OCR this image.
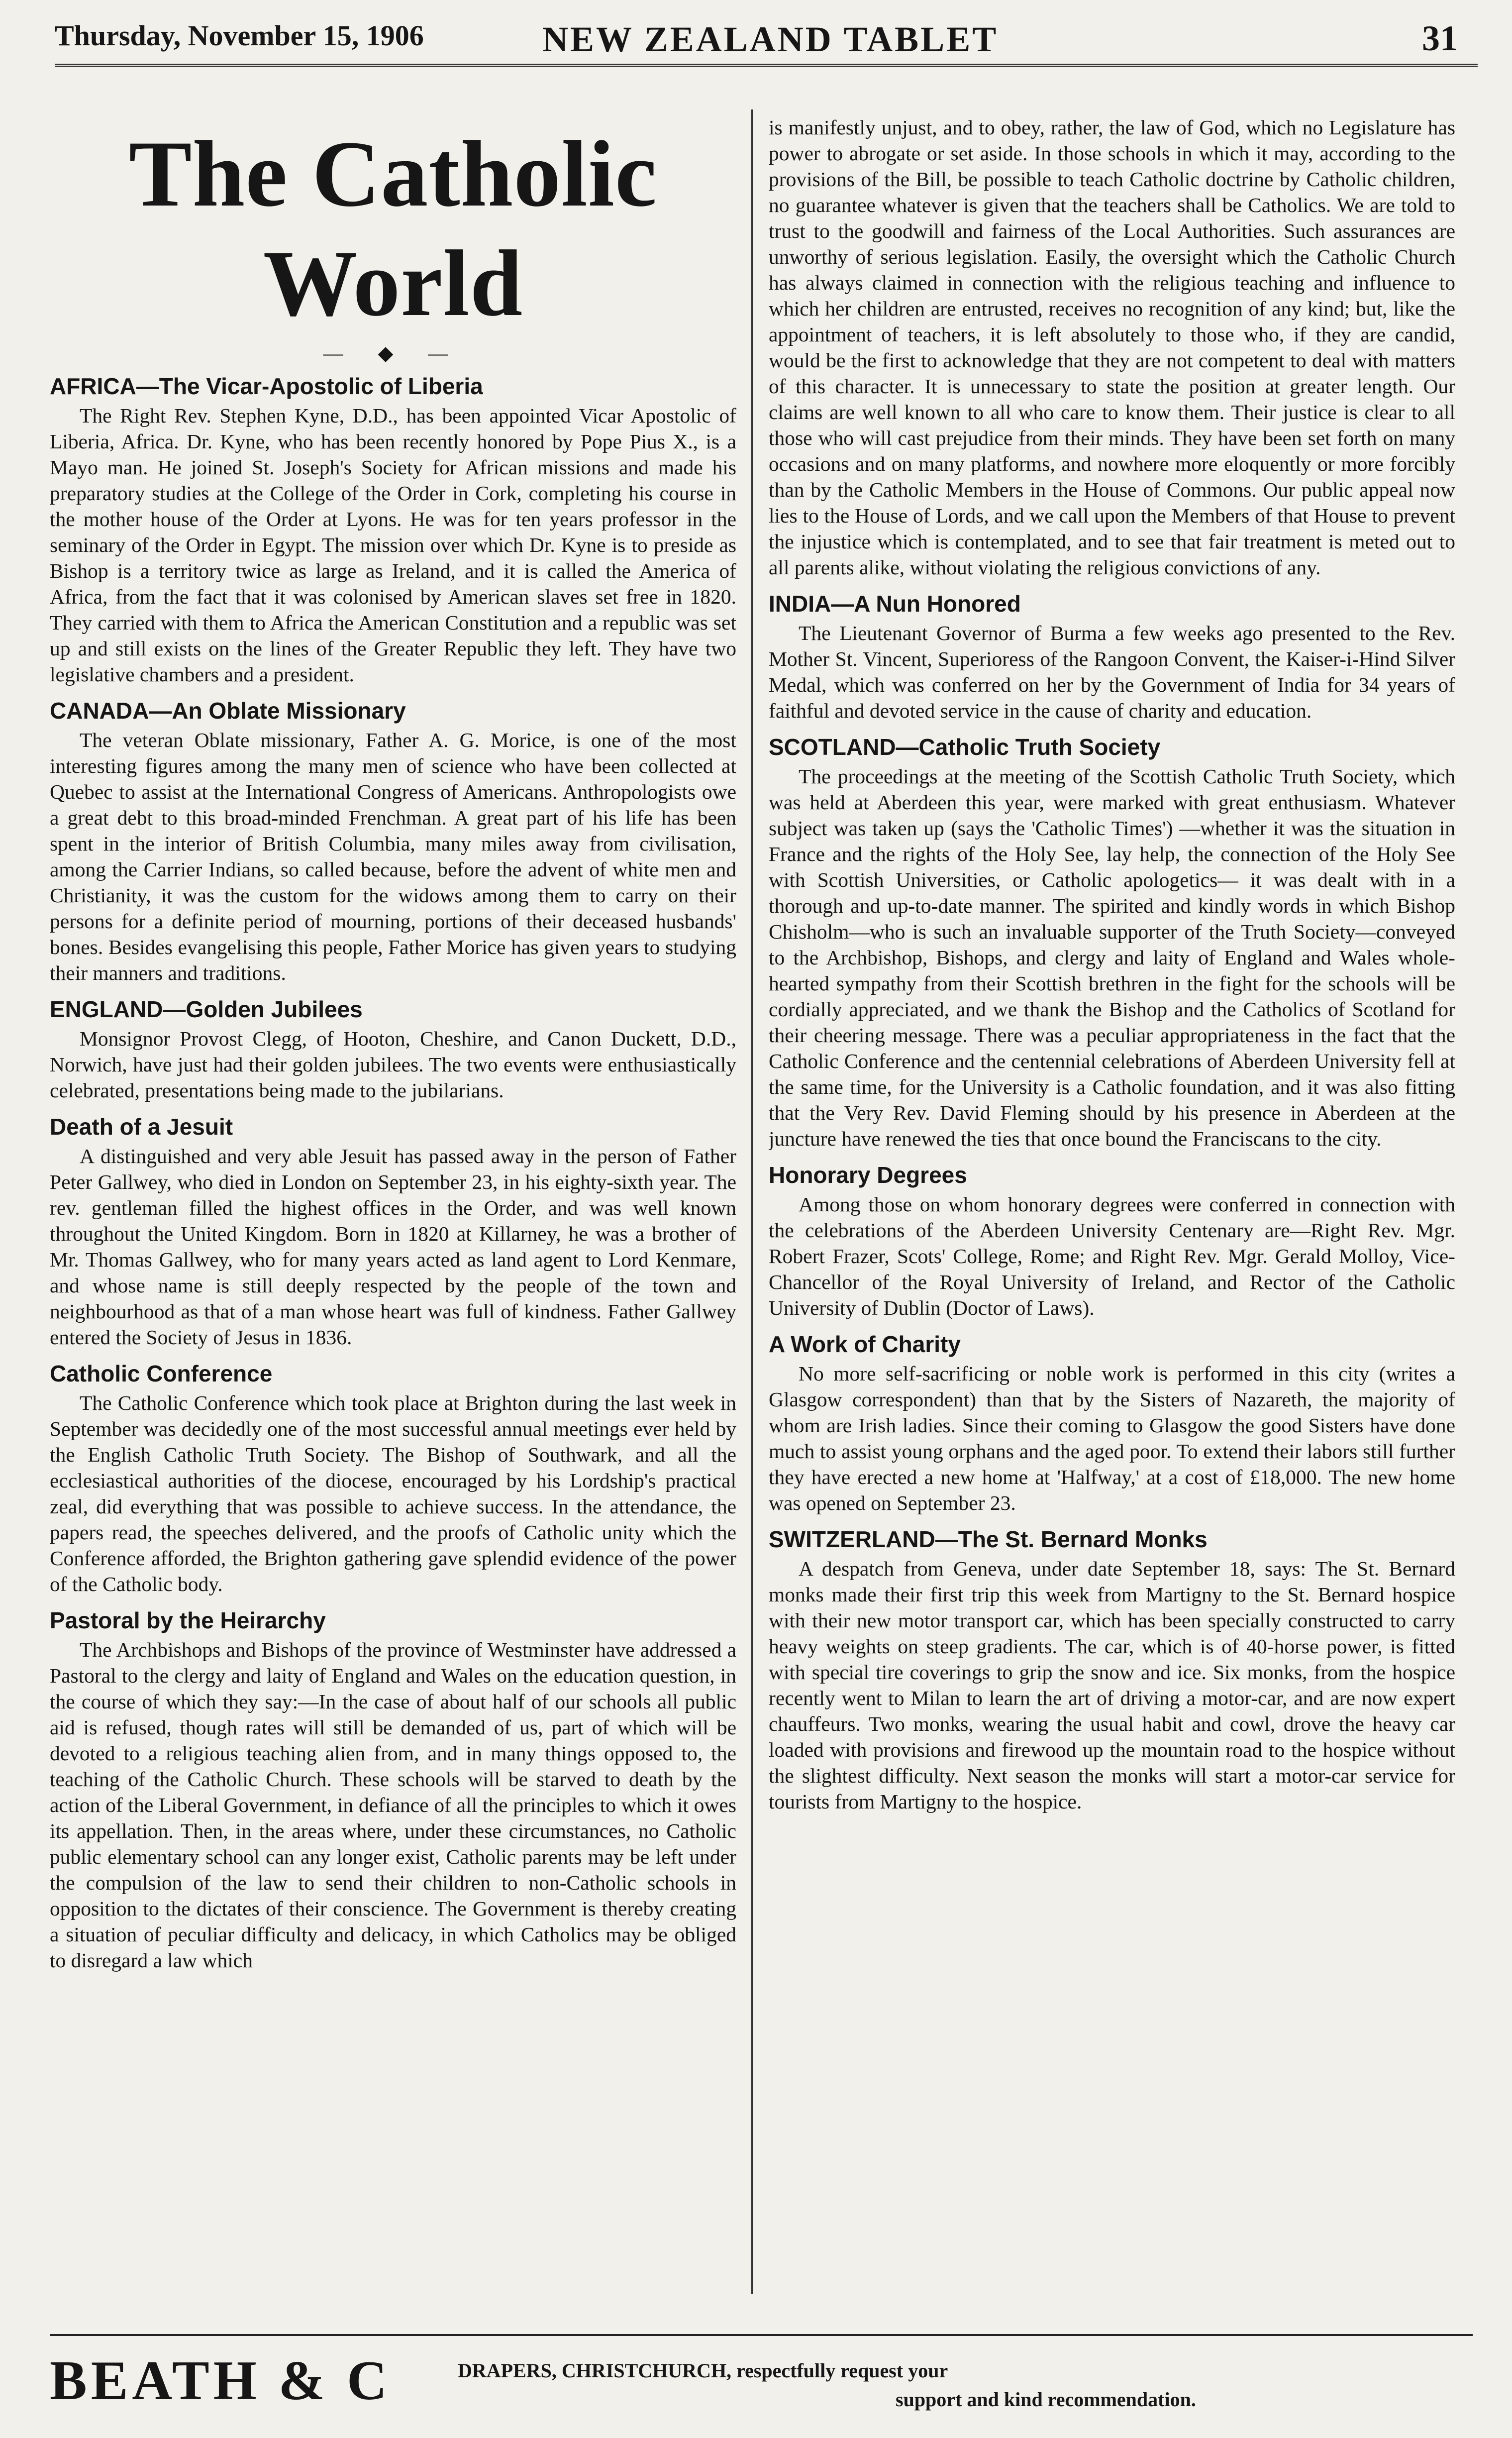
Thursday, November 15, 1906	NEW ZEALAND TABLET	31
The Catholic World
— ◆ —
AFRICA—The Vicar-Apostolic of Liberia

The Right Rev. Stephen Kyne, D.D., has been appointed Vicar Apostolic of Liberia, Africa. Dr. Kyne, who has been recently honored by Pope Pius X., is a Mayo man. He joined St. Joseph's Society for African missions and made his preparatory studies at the College of the Order in Cork, completing his course in the mother house of the Order at Lyons. He was for ten years professor in the seminary of the Order in Egypt. The mission over which Dr. Kyne is to preside as Bishop is a territory twice as large as Ireland, and it is called the America of Africa, from the fact that it was colonised by American slaves set free in 1820. They carried with them to Africa the American Constitution and a republic was set up and still exists on the lines of the Greater Republic they left. They have two legislative chambers and a president.

CANADA—An Oblate Missionary

The veteran Oblate missionary, Father A. G. Morice, is one of the most interesting figures among the many men of science who have been collected at Quebec to assist at the International Congress of Americans. Anthropologists owe a great debt to this broad-minded Frenchman. A great part of his life has been spent in the interior of British Columbia, many miles away from civilisation, among the Carrier Indians, so called because, before the advent of white men and Christianity, it was the custom for the widows among them to carry on their persons for a definite period of mourning, portions of their deceased husbands' bones. Besides evangelising this people, Father Morice has given years to studying their manners and traditions.

ENGLAND—Golden Jubilees

Monsignor Provost Clegg, of Hooton, Cheshire, and Canon Duckett, D.D., Norwich, have just had their golden jubilees. The two events were enthusiastically celebrated, presentations being made to the jubilarians.

Death of a Jesuit

A distinguished and very able Jesuit has passed away in the person of Father Peter Gallwey, who died in London on September 23, in his eighty-sixth year. The rev. gentleman filled the highest offices in the Order, and was well known throughout the United Kingdom. Born in 1820 at Killarney, he was a brother of Mr. Thomas Gallwey, who for many years acted as land agent to Lord Kenmare, and whose name is still deeply respected by the people of the town and neighbourhood as that of a man whose heart was full of kindness. Father Gallwey entered the Society of Jesus in 1836.

Catholic Conference

The Catholic Conference which took place at Brighton during the last week in September was decidedly one of the most successful annual meetings ever held by the English Catholic Truth Society. The Bishop of Southwark, and all the ecclesiastical authorities of the diocese, encouraged by his Lordship's practical zeal, did everything that was possible to achieve success. In the attendance, the papers read, the speeches delivered, and the proofs of Catholic unity which the Conference afforded, the Brighton gathering gave splendid evidence of the power of the Catholic body.

Pastoral by the Heirarchy

The Archbishops and Bishops of the province of Westminster have addressed a Pastoral to the clergy and laity of England and Wales on the education question, in the course of which they say:—In the case of about half of our schools all public aid is refused, though rates will still be demanded of us, part of which will be devoted to a religious teaching alien from, and in many things opposed to, the teaching of the Catholic Church. These schools will be starved to death by the action of the Liberal Government, in defiance of all the principles to which it owes its appellation. Then, in the areas where, under these circumstances, no Catholic public elementary school can any longer exist, Catholic parents may be left under the compulsion of the law to send their children to non-Catholic schools in opposition to the dictates of their conscience. The Government is thereby creating a situation of peculiar difficulty and delicacy, in which Catholics may be obliged to disregard a law which

is manifestly unjust, and to obey, rather, the law of God, which no Legislature has power to abrogate or set aside. In those schools in which it may, according to the provisions of the Bill, be possible to teach Catholic doctrine by Catholic children, no guarantee whatever is given that the teachers shall be Catholics. We are told to trust to the goodwill and fairness of the Local Authorities. Such assurances are unworthy of serious legislation. Easily, the oversight which the Catholic Church has always claimed in connection with the religious teaching and influence to which her children are entrusted, receives no recognition of any kind; but, like the appointment of teachers, it is left absolutely to those who, if they are candid, would be the first to acknowledge that they are not competent to deal with matters of this character. It is unnecessary to state the position at greater length. Our claims are well known to all who care to know them. Their justice is clear to all those who will cast prejudice from their minds. They have been set forth on many occasions and on many platforms, and nowhere more eloquently or more forcibly than by the Catholic Members in the House of Commons. Our public appeal now lies to the House of Lords, and we call upon the Members of that House to prevent the injustice which is contemplated, and to see that fair treatment is meted out to all parents alike, without violating the religious convictions of any.

INDIA—A Nun Honored

The Lieutenant Governor of Burma a few weeks ago presented to the Rev. Mother St. Vincent, Superioress of the Rangoon Convent, the Kaiser-i-Hind Silver Medal, which was conferred on her by the Government of India for 34 years of faithful and devoted service in the cause of charity and education.

SCOTLAND—Catholic Truth Society

The proceedings at the meeting of the Scottish Catholic Truth Society, which was held at Aberdeen this year, were marked with great enthusiasm. Whatever subject was taken up (says the 'Catholic Times') —whether it was the situation in France and the rights of the Holy See, lay help, the connection of the Holy See with Scottish Universities, or Catholic apologetics— it was dealt with in a thorough and up-to-date manner. The spirited and kindly words in which Bishop Chisholm—who is such an invaluable supporter of the Truth Society—conveyed to the Archbishop, Bishops, and clergy and laity of England and Wales whole-hearted sympathy from their Scottish brethren in the fight for the schools will be cordially appreciated, and we thank the Bishop and the Catholics of Scotland for their cheering message. There was a peculiar appropriateness in the fact that the Catholic Conference and the centennial celebrations of Aberdeen University fell at the same time, for the University is a Catholic foundation, and it was also fitting that the Very Rev. David Fleming should by his presence in Aberdeen at the juncture have renewed the ties that once bound the Franciscans to the city.

Honorary Degrees

Among those on whom honorary degrees were conferred in connection with the celebrations of the Aberdeen University Centenary are—Right Rev. Mgr. Robert Frazer, Scots' College, Rome; and Right Rev. Mgr. Gerald Molloy, Vice-Chancellor of the Royal University of Ireland, and Rector of the Catholic University of Dublin (Doctor of Laws).

A Work of Charity

No more self-sacrificing or noble work is performed in this city (writes a Glasgow correspondent) than that by the Sisters of Nazareth, the majority of whom are Irish ladies. Since their coming to Glasgow the good Sisters have done much to assist young orphans and the aged poor. To extend their labors still further they have erected a new home at 'Halfway,' at a cost of £18,000. The new home was opened on September 23.

SWITZERLAND—The St. Bernard Monks

A despatch from Geneva, under date September 18, says: The St. Bernard monks made their first trip this week from Martigny to the St. Bernard hospice with their new motor transport car, which has been specially constructed to carry heavy weights on steep gradients. The car, which is of 40-horse power, is fitted with special tire coverings to grip the snow and ice. Six monks, from the hospice recently went to Milan to learn the art of driving a motor-car, and are now expert chauffeurs. Two monks, wearing the usual habit and cowl, drove the heavy car loaded with provisions and firewood up the mountain road to the hospice without the slightest difficulty. Next season the monks will start a motor-car service for tourists from Martigny to the hospice.

BEATH & C	DRAPERS, CHRISTCHURCH, respectfully request your
support and kind recommendation.
